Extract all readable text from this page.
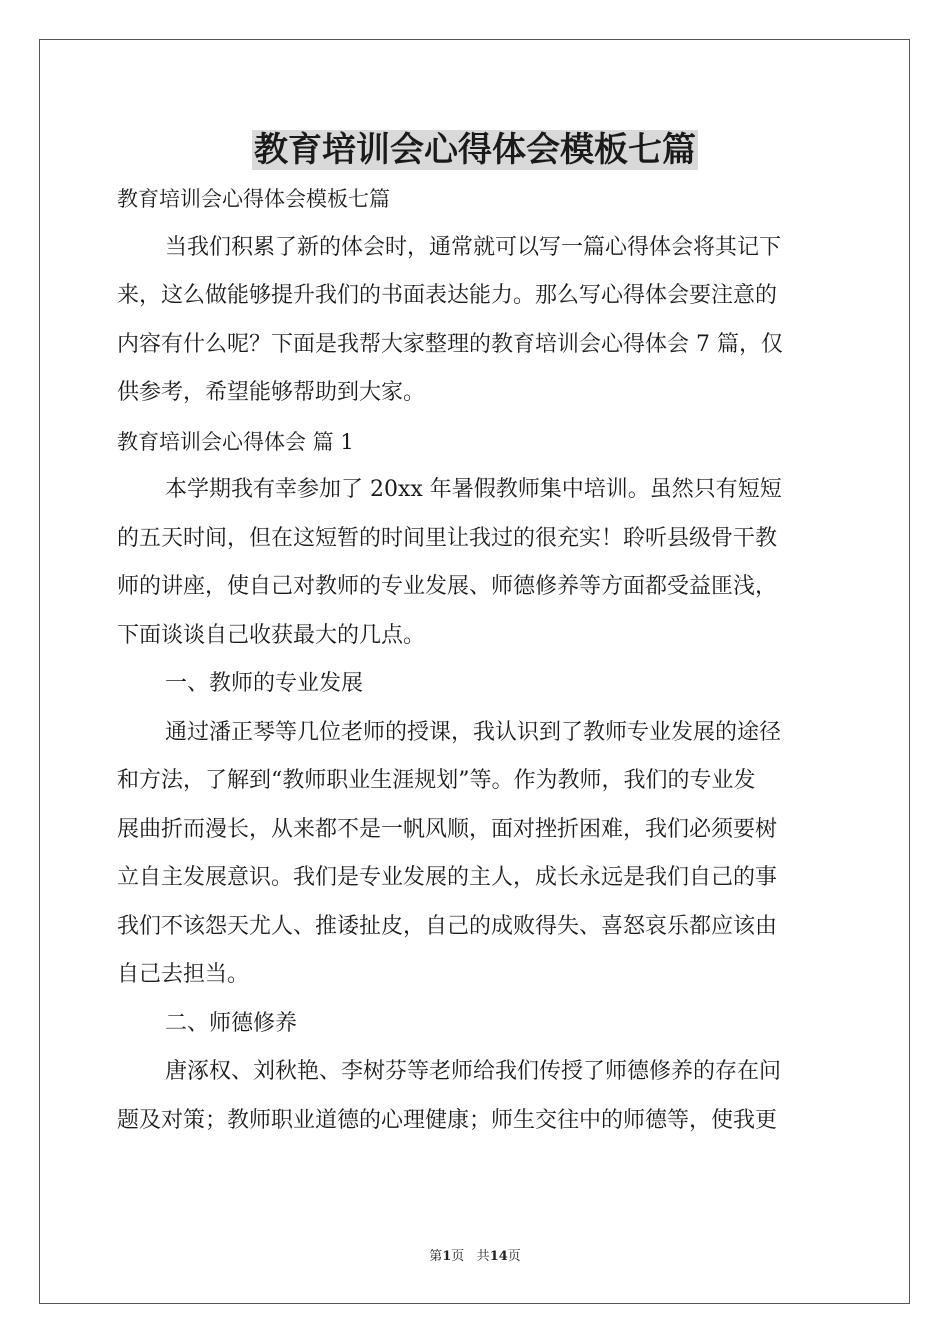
教育培训会心得体会模板七篇

教育培训会心得体会模板七篇

当我们积累了新的体会时，通常就可以写一篇心得体会将其记下

来，这么做能够提升我们的书面表达能力。那么写心得体会要注意的

内容有什么呢？下面是我帮大家整理的教育培训会心得体会 7 篇，仅

供参考，希望能够帮助到大家。

教育培训会心得体会 篇 1

本学期我有幸参加了 20xx 年暑假教师集中培训。虽然只有短短

的五天时间，但在这短暂的时间里让我过的很充实！聆听县级骨干教

师的讲座，使自己对教师的专业发展、师德修养等方面都受益匪浅，

下面谈谈自己收获最大的几点。

一、教师的专业发展

通过潘正琴等几位老师的授课，我认识到了教师专业发展的途径

和方法，了解到“教师职业生涯规划”等。作为教师，我们的专业发

展曲折而漫长，从来都不是一帆风顺，面对挫折困难，我们必须要树

立自主发展意识。我们是专业发展的主人，成长永远是我们自己的事

我们不该怨天尤人、推诿扯皮，自己的成败得失、喜怒哀乐都应该由

自己去担当。

二、师德修养

唐涿权、刘秋艳、李树芬等老师给我们传授了师德修养的存在问

题及对策；教师职业道德的心理健康；师生交往中的师德等，使我更

第1页 共14页
